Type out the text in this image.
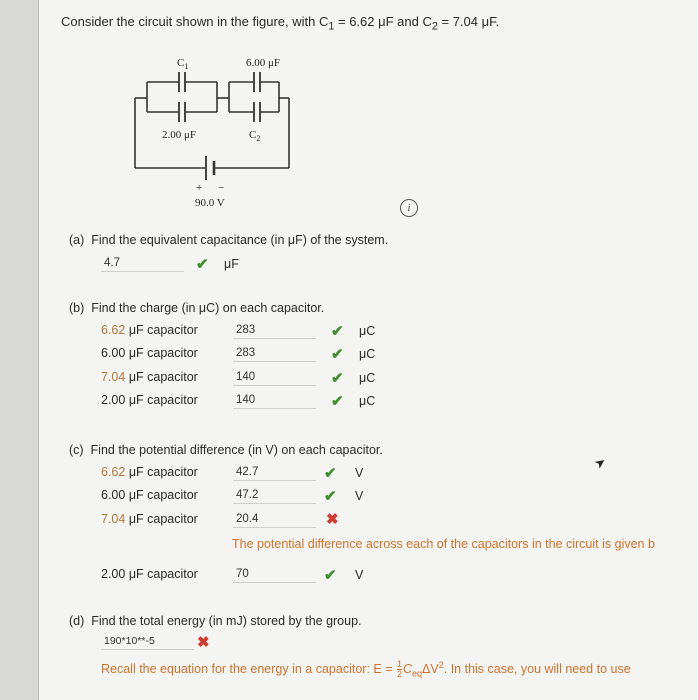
Consider the circuit shown in the figure, with $C_1 = 6.62$ μF and $C_2 = 7.04$ μF.
$C_1$	6.00 μF
2.00 μF	$C_2$
+ −
90.0 V	i
(a) Find the equivalent capacitance (in μF) of the system.
4.7	✔ μF
(b) Find the charge (in μC) on each capacitor.
6.62 μF capacitor	283	✔ μC
6.00 μF capacitor	283	✔ μC
7.04 μF capacitor	140	✔ μC
2.00 μF capacitor	140	✔ μC
(c) Find the potential difference (in V) on each capacitor.
6.62 μF capacitor	42.7	✔ V
6.00 μF capacitor	47.2	✔ V
7.04 μF capacitor	20.4	✖
The potential difference across each of the capacitors in the circuit is given b
2.00 μF capacitor	70	✔ V
➤
(d) Find the total energy (in mJ) stored by the group.
190*10**-5	✖
Recall the equation for the energy in a capacitor: $E = \frac{1}{2} C_{eq}\Delta V^2$. In this case, you will need to use
